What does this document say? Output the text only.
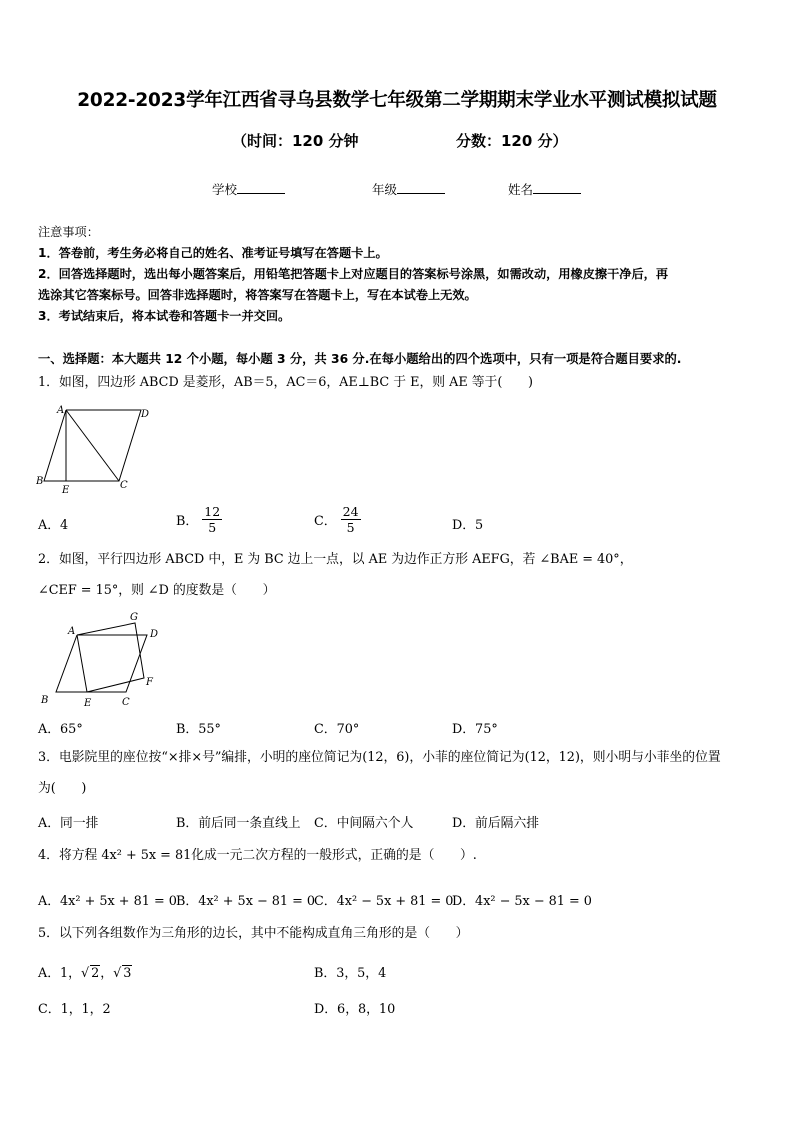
2022-2023学年江西省寻乌县数学七年级第二学期期末学业水平测试模拟试题
（时间：120 分钟	分数：120 分）
学校	年级	姓名
注意事项：
1．答卷前，考生务必将自己的姓名、准考证号填写在答题卡上。
2．回答选择题时，选出每小题答案后，用铅笔把答题卡上对应题目的答案标号涂黑，如需改动，用橡皮擦干净后，再
选涂其它答案标号。回答非选择题时，将答案写在答题卡上，写在本试卷上无效。
3．考试结束后，将本试卷和答题卡一并交回。
一、选择题：本大题共 12 个小题，每小题 3 分，共 36 分.在每小题给出的四个选项中，只有一项是符合题目要求的.
1．如图，四边形 ABCD 是菱形，AB＝5，AC＝6，AE⊥BC 于 E，则 AE 等于(　　)
A	D
B
E	C
A．4	B． $\frac{12}{5}$	C． $\frac{24}{5}$	D．5
2．如图，平行四边形 ABCD 中，E 为 BC 边上一点，以 AE 为边作正方形 AEFG，若 ∠BAE = 40°，
∠CEF = 15°，则 ∠D 的度数是（　　）
A
G
D
F
B	E	C
A．65°	B．55°	C．70°	D．75°
3．电影院里的座位按“×排×号”编排，小明的座位简记为(12，6)，小菲的座位简记为(12，12)，则小明与小菲坐的位置
为(　　)
A．同一排	B．前后同一条直线上 C．中间隔六个人	D．前后隔六排
4．将方程 4x² + 5x = 81化成一元二次方程的一般形式，正确的是（　　）.
A．4x² + 5x + 81 = 0 B．4x² + 5x − 81 = 0
C．4x² − 5x + 81 = 0
D．4x² − 5x − 81 = 0
5．以下列各组数作为三角形的边长，其中不能构成直角三角形的是（　　）
A．1，√ 2，√ 3	B．3，5，4
C．1，1，2	D．6，8，10
